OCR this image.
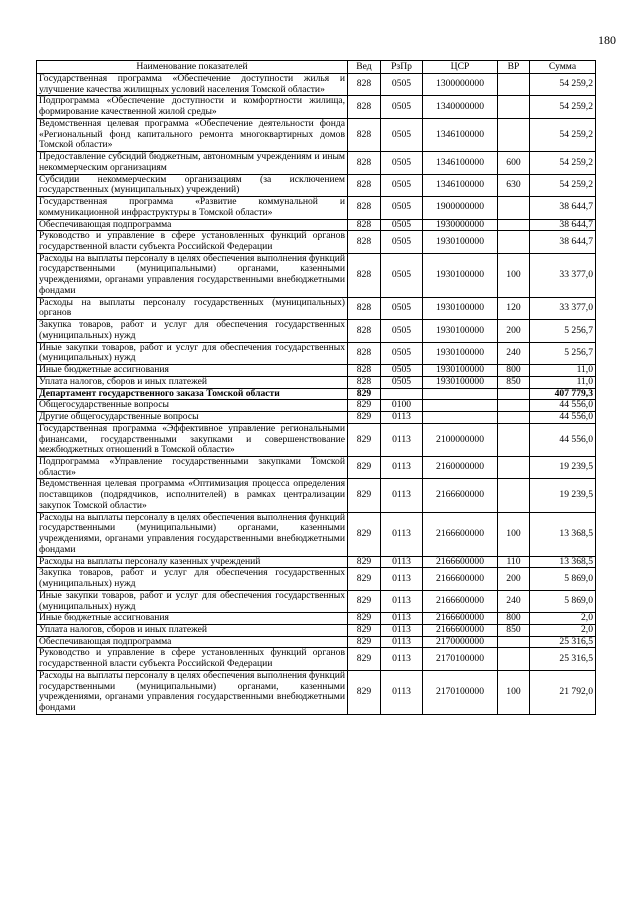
180
Наименование показателей	Вед	РзПр	ЦСР	ВР	Сумма
Государственная программа «Обеспечение доступности жилья и улучшение качества жилищных условий населения Томской области»	828	0505	1300000000		54 259,2
Подпрограмма «Обеспечение доступности и комфортности жилища, формирование качественной жилой среды»	828	0505	1340000000		54 259,2
Ведомственная целевая программа «Обеспечение деятельности фонда «Региональный фонд капитального ремонта многоквартирных домов Томской области»	828	0505	1346100000		54 259,2
Предоставление субсидий бюджетным, автономным учреждениям и иным некоммерческим организациям	828	0505	1346100000	600	54 259,2
Субсидии некоммерческим организациям (за исключением государственных (муниципальных) учреждений)	828	0505	1346100000	630	54 259,2
Государственная программа «Развитие коммунальной и коммуникационной инфраструктуры в Томской области»	828	0505	1900000000		38 644,7
Обеспечивающая подпрограмма	828	0505	1930000000		38 644,7
Руководство и управление в сфере установленных функций органов государственной власти субъекта Российской Федерации	828	0505	1930100000		38 644,7
Расходы на выплаты персоналу в целях обеспечения выполнения функций государственными (муниципальными) органами, казенными учреждениями, органами управления государственными внебюджетными фондами	828	0505	1930100000	100	33 377,0
Расходы на выплаты персоналу государственных (муниципальных) органов	828	0505	1930100000	120	33 377,0
Закупка товаров, работ и услуг для обеспечения государственных (муниципальных) нужд	828	0505	1930100000	200	5 256,7
Иные закупки товаров, работ и услуг для обеспечения государственных (муниципальных) нужд	828	0505	1930100000	240	5 256,7
Иные бюджетные ассигнования	828	0505	1930100000	800	11,0
Уплата налогов, сборов и иных платежей	828	0505	1930100000	850	11,0
Департамент государственного заказа Томской области	829				407 779,3
Общегосударственные вопросы	829	0100			44 556,0
Другие общегосударственные вопросы	829	0113			44 556,0
Государственная программа «Эффективное управление региональными финансами, государственными закупками и совершенствование межбюджетных отношений в Томской области»	829	0113	2100000000		44 556,0
Подпрограмма «Управление государственными закупками Томской области»	829	0113	2160000000		19 239,5
Ведомственная целевая программа «Оптимизация процесса определения поставщиков (подрядчиков, исполнителей) в рамках централизации закупок Томской области»	829	0113	2166600000		19 239,5
Расходы на выплаты персоналу в целях обеспечения выполнения функций государственными (муниципальными) органами, казенными учреждениями, органами управления государственными внебюджетными фондами	829	0113	2166600000	100	13 368,5
Расходы на выплаты персоналу казенных учреждений	829	0113	2166600000	110	13 368,5
Закупка товаров, работ и услуг для обеспечения государственных (муниципальных) нужд	829	0113	2166600000	200	5 869,0
Иные закупки товаров, работ и услуг для обеспечения государственных (муниципальных) нужд	829	0113	2166600000	240	5 869,0
Иные бюджетные ассигнования	829	0113	2166600000	800	2,0
Уплата налогов, сборов и иных платежей	829	0113	2166600000	850	2,0
Обеспечивающая подпрограмма	829	0113	2170000000		25 316,5
Руководство и управление в сфере установленных функций органов государственной власти субъекта Российской Федерации	829	0113	2170100000		25 316,5
Расходы на выплаты персоналу в целях обеспечения выполнения функций государственными (муниципальными) органами, казенными учреждениями, органами управления государственными внебюджетными фондами	829	0113	2170100000	100	21 792,0
